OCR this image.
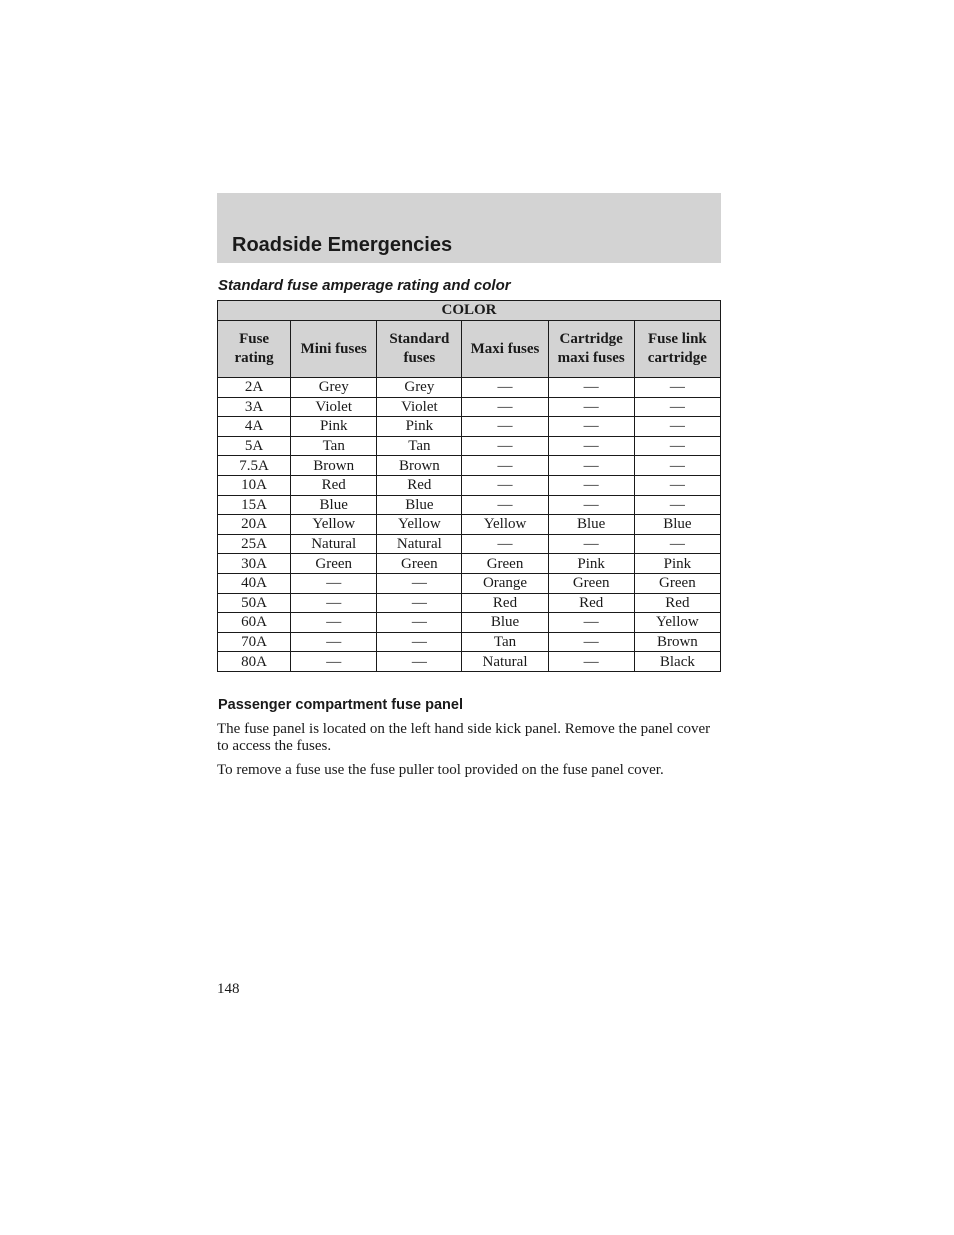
Roadside Emergencies

Standard fuse amperage rating and color

COLOR					
Fuse rating	Mini fuses	Standard fuses	Maxi fuses	Cartridge maxi fuses	Fuse link cartridge
2A	Grey	Grey	—	—	—
3A	Violet	Violet	—	—	—
4A	Pink	Pink	—	—	—
5A	Tan	Tan	—	—	—
7.5A	Brown	Brown	—	—	—
10A	Red	Red	—	—	—
15A	Blue	Blue	—	—	—
20A	Yellow	Yellow	Yellow	Blue	Blue
25A	Natural	Natural	—	—	—
30A	Green	Green	Green	Pink	Pink
40A	—	—	Orange	Green	Green
50A	—	—	Red	Red	Red
60A	—	—	Blue	—	Yellow
70A	—	—	Tan	—	Brown
80A	—	—	Natural	—	Black

Passenger compartment fuse panel

The fuse panel is located on the left hand side kick panel. Remove the panel cover to access the fuses.

To remove a fuse use the fuse puller tool provided on the fuse panel cover.

148
